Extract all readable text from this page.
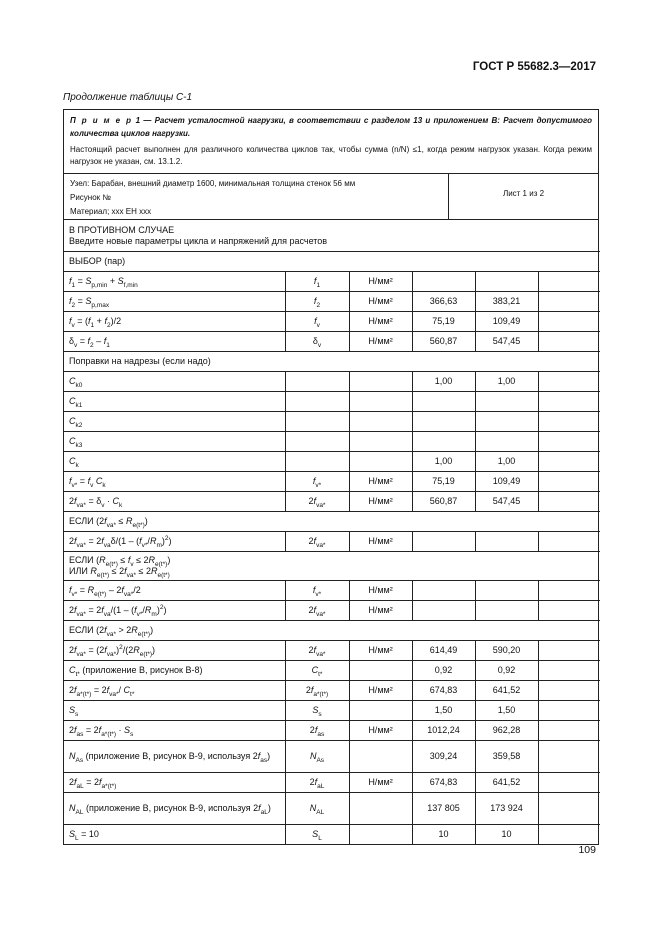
ГОСТ Р 55682.3—2017
Продолжение таблицы С-1
П р и м е р 1 — Расчет усталостной нагрузки, в соответствии с разделом 13 и приложением В: Расчет допустимого количества циклов нагрузки.
Настоящий расчет выполнен для различного количества циклов так, чтобы сумма (n/N) ≤1, когда режим нагрузок указан. Когда режим нагрузок не указан, см. 13.1.2.
Узел: Барабан, внешний диаметр 1600, минимальная толщина стенок 56 мм
Рисунок №
Материал; ххх ЕН ххх
Лист 1 из 2
В ПРОТИВНОМ СЛУЧАЕ
Введите новые параметры цикла и напряжений для расчетов					

ВЫБОР (пар)					
$f_1 = S_{p,min} + S_{f,min}$	$f_1$	Н/мм²			
$f_2 = S_{p,max}$	$f_2$	Н/мм²	366,63	383,21	
$f_v = (f_1 + f_2)/2$	$f_v$	Н/мм²	75,19	109,49	
$\delta_v = f_2 - f_1$	$\delta_v$	Н/мм²	560,87	547,45	
Поправки на надрезы (если надо)					
$C_{k0}$			1,00	1,00	
$C_{k1}$					
$C_{k2}$					
$C_{k3}$					
$C_k$			1,00	1,00	
$f_{v*} = f_v$ $C_k$	$f_{v*}$	Н/мм²	75,19	109,49	
$2f_{va*} = \delta_v \cdot C_k$	$2f_{va*}$	Н/мм²	560,87	547,45	
ЕСЛИ $(2f_{va*} \le R_{e(t*)})$					
$2f_{va*} = 2f_{va}\delta/(1 - (f_{v*}/R_m)^2)$	$2f_{va*}$	Н/мм²			

ЕСЛИ $(R_{e(t*)} \le f_v \le 2R_{e(t*)})$
ИЛИ $R_{e(t*)} \le 2f_{va*} \le 2R_{e(t*)}$

$f_{v*} = R_{e(t*)} - 2f_{va*}/2$	$f_{v*}$	Н/мм²			
$2f_{va*} = 2f_{va}/(1 - (f_{v*}/R_m)^2)$	$2f_{va*}$	Н/мм²			
ЕСЛИ $(2f_{va*} > 2R_{e(t*)})$					
$2f_{va*} = (2f_{va*})^2/(2R_{e(t*)})$	$2f_{va*}$	Н/мм²	614,49	590,20	
$C_{t*}$ (приложение В, рисунок В-8)	$C_{t*}$		0,92	0,92	
$2f_{a*(t*)} = 2f_{va*}/$ $C_{t*}$	$2f_{a*(t*)}$	Н/мм²	674,83	641,52	
$S_s$	$S_s$		1,50	1,50	
$2f_{as} = 2f_{a*(t*)} \cdot S_s$	$2f_{as}$	Н/мм²	1012,24	962,28	
$N_{As}$ (приложение В, рисунок В-9, используя $2f_{as}$)	$N_{As}$		309,24	359,58	
$2f_{aL} = 2f_{a*(t*)}$	$2f_{aL}$	Н/мм²	674,83	641,52	
$N_{AL}$ (приложение В, рисунок В-9, используя $2f_{aL}$)	$N_{AL}$		137 805	173 924	
$S_L = 10$	$S_L$		10	10	
109
